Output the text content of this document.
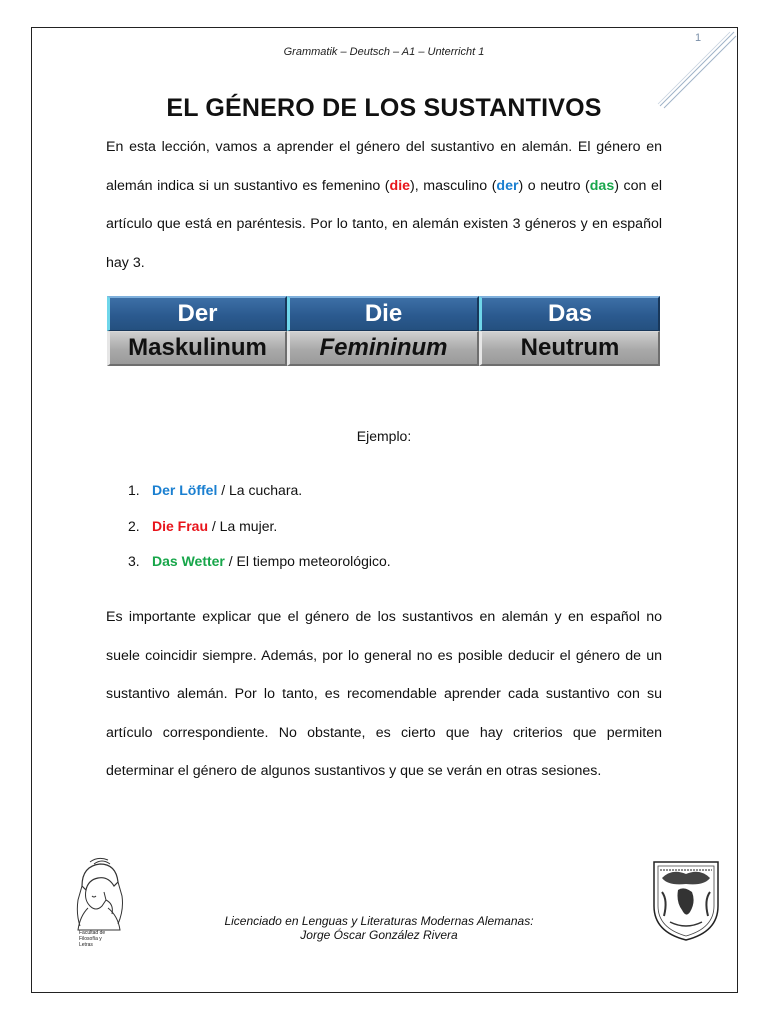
1
Grammatik – Deutsch – A1 – Unterricht 1
EL GÉNERO DE LOS SUSTANTIVOS
En esta lección, vamos a aprender el género del sustantivo en alemán. El género en alemán indica si un sustantivo es femenino (die), masculino (der) o neutro (das) con el artículo que está en paréntesis. Por lo tanto, en alemán existen 3 géneros y en español hay 3.
Der	Die	Das
Maskulinum	Femininum	Neutrum
Ejemplo:
1. Der Löffel / La cuchara.
2. Die Frau / La mujer.
3. Das Wetter / El tiempo meteorológico.
Es importante explicar que el género de los sustantivos en alemán y en español no suele coincidir siempre. Además, por lo general no es posible deducir el género de un sustantivo alemán. Por lo tanto, es recomendable aprender cada sustantivo con su artículo correspondiente. No obstante, es cierto que hay criterios que permiten determinar el género de algunos sustantivos y que se verán en otras sesiones.
Facultad de
Filosofía y
Letras
Licenciado en Lenguas y Literaturas Modernas Alemanas:
Jorge Óscar González Rivera
